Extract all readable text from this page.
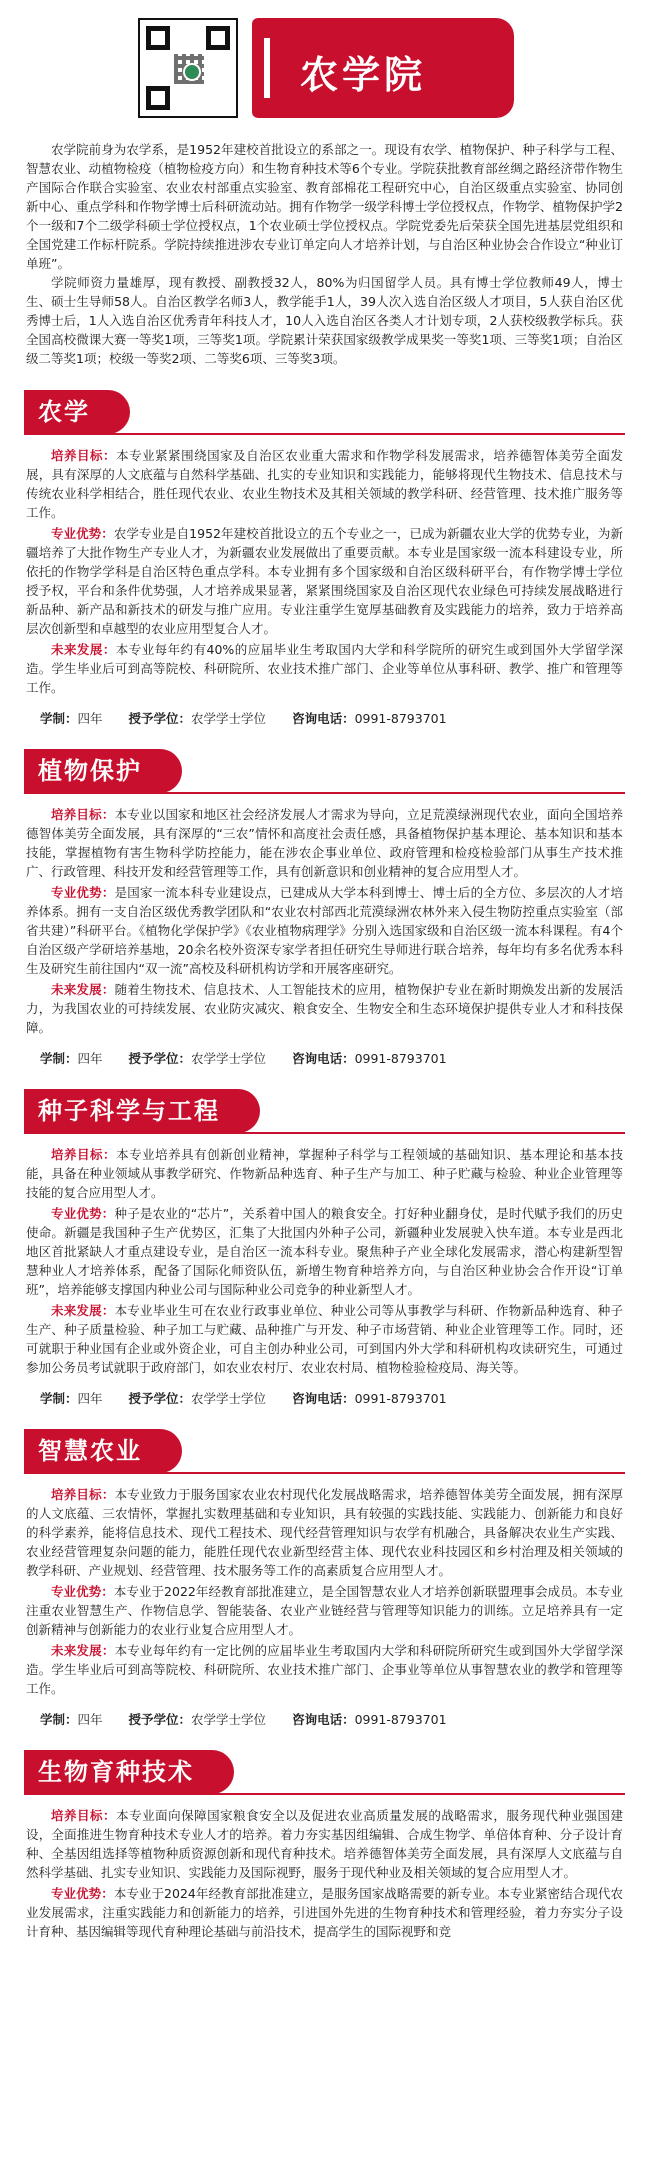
农学院

农学院前身为农学系，是1952年建校首批设立的系部之一。现设有农学、植物保护、种子科学与工程、智慧农业、动植物检疫（植物检疫方向）和生物育种技术等6个专业。学院获批教育部丝绸之路经济带作物生产国际合作联合实验室、农业农村部重点实验室、教育部棉花工程研究中心，自治区级重点实验室、协同创新中心、重点学科和作物学博士后科研流动站。拥有作物学一级学科博士学位授权点，作物学、植物保护学2个一级和7个二级学科硕士学位授权点，1个农业硕士学位授权点。学院党委先后荣获全国先进基层党组织和全国党建工作标杆院系。学院持续推进涉农专业订单定向人才培养计划，与自治区种业协会合作设立“种业订单班”。

学院师资力量雄厚，现有教授、副教授32人，80%为归国留学人员。具有博士学位教师49人，博士生、硕士生导师58人。自治区教学名师3人，教学能手1人，39人次入选自治区级人才项目，5人获自治区优秀博士后，1人入选自治区优秀青年科技人才，10人入选自治区各类人才计划专项，2人获校级教学标兵。获全国高校微课大赛一等奖1项，三等奖1项。学院累计荣获国家级教学成果奖一等奖1项、三等奖1项；自治区级二等奖1项；校级一等奖2项、二等奖6项、三等奖3项。

农学

培养目标：本专业紧紧围绕国家及自治区农业重大需求和作物学科发展需求，培养德智体美劳全面发展，具有深厚的人文底蕴与自然科学基础、扎实的专业知识和实践能力，能够将现代生物技术、信息技术与传统农业科学相结合，胜任现代农业、农业生物技术及其相关领域的教学科研、经营管理、技术推广服务等工作。

专业优势：农学专业是自1952年建校首批设立的五个专业之一，已成为新疆农业大学的优势专业，为新疆培养了大批作物生产专业人才，为新疆农业发展做出了重要贡献。本专业是国家级一流本科建设专业，所依托的作物学学科是自治区特色重点学科。本专业拥有多个国家级和自治区级科研平台，有作物学博士学位授予权，平台和条件优势强，人才培养成果显著，紧紧围绕国家及自治区现代农业绿色可持续发展战略进行新品种、新产品和新技术的研发与推广应用。专业注重学生宽厚基础教育及实践能力的培养，致力于培养高层次创新型和卓越型的农业应用型复合人才。

未来发展：本专业每年约有40%的应届毕业生考取国内大学和科学院所的研究生或到国外大学留学深造。学生毕业后可到高等院校、科研院所、农业技术推广部门、企业等单位从事科研、教学、推广和管理等工作。

学制：四年 授予学位：农学学士学位 咨询电话：0991-8793701
植物保护

培养目标：本专业以国家和地区社会经济发展人才需求为导向，立足荒漠绿洲现代农业，面向全国培养德智体美劳全面发展，具有深厚的“三农”情怀和高度社会责任感，具备植物保护基本理论、基本知识和基本技能，掌握植物有害生物科学防控能力，能在涉农企事业单位、政府管理和检疫检验部门从事生产技术推广、行政管理、科技开发和经营管理等工作，具有创新意识和创业精神的复合应用型人才。

专业优势：是国家一流本科专业建设点，已建成从大学本科到博士、博士后的全方位、多层次的人才培养体系。拥有一支自治区级优秀教学团队和“农业农村部西北荒漠绿洲农林外来入侵生物防控重点实验室（部省共建）”科研平台。《植物化学保护学》《农业植物病理学》分别入选国家级和自治区级一流本科课程。有4个自治区级产学研培养基地，20余名校外资深专家学者担任研究生导师进行联合培养，每年均有多名优秀本科生及研究生前往国内“双一流”高校及科研机构访学和开展客座研究。

未来发展：随着生物技术、信息技术、人工智能技术的应用，植物保护专业在新时期焕发出新的发展活力，为我国农业的可持续发展、农业防灾减灾、粮食安全、生物安全和生态环境保护提供专业人才和科技保障。

学制：四年 授予学位：农学学士学位 咨询电话：0991-8793701
种子科学与工程

培养目标：本专业培养具有创新创业精神，掌握种子科学与工程领域的基础知识、基本理论和基本技能，具备在种业领域从事教学研究、作物新品种选育、种子生产与加工、种子贮藏与检验、种业企业管理等技能的复合应用型人才。

专业优势：种子是农业的“芯片”，关系着中国人的粮食安全。打好种业翻身仗，是时代赋予我们的历史使命。新疆是我国种子生产优势区，汇集了大批国内外种子公司，新疆种业发展驶入快车道。本专业是西北地区首批紧缺人才重点建设专业，是自治区一流本科专业。聚焦种子产业全球化发展需求，潜心构建新型智慧种业人才培养体系，配备了国际化师资队伍，新增生物育种培养方向，与自治区种业协会合作开设“订单班”，培养能够支撑国内种业公司与国际种业公司竞争的种业新型人才。

未来发展：本专业毕业生可在农业行政事业单位、种业公司等从事教学与科研、作物新品种选育、种子生产、种子质量检验、种子加工与贮藏、品种推广与开发、种子市场营销、种业企业管理等工作。同时，还可就职于种业国有企业或外资企业，可自主创办种业公司，可到国内外大学和科研机构攻读研究生，可通过参加公务员考试就职于政府部门，如农业农村厅、农业农村局、植物检验检疫局、海关等。

学制：四年 授予学位：农学学士学位 咨询电话：0991-8793701
智慧农业

培养目标：本专业致力于服务国家农业农村现代化发展战略需求，培养德智体美劳全面发展，拥有深厚的人文底蕴、三农情怀，掌握扎实数理基础和专业知识，具有较强的实践技能、实践能力、创新能力和良好的科学素养，能将信息技术、现代工程技术、现代经营管理知识与农学有机融合，具备解决农业生产实践、农业经营管理复杂问题的能力，能胜任现代农业新型经营主体、现代农业科技园区和乡村治理及相关领域的教学科研、产业规划、经营管理、技术服务等工作的高素质复合应用型人才。

专业优势：本专业于2022年经教育部批准建立，是全国智慧农业人才培养创新联盟理事会成员。本专业注重农业智慧生产、作物信息学、智能装备、农业产业链经营与管理等知识能力的训练。立足培养具有一定创新精神与创新能力的农业行业复合应用型人才。

未来发展：本专业每年约有一定比例的应届毕业生考取国内大学和科研院所研究生或到国外大学留学深造。学生毕业后可到高等院校、科研院所、农业技术推广部门、企事业等单位从事智慧农业的教学和管理等工作。

学制：四年 授予学位：农学学士学位 咨询电话：0991-8793701
生物育种技术

培养目标：本专业面向保障国家粮食安全以及促进农业高质量发展的战略需求，服务现代种业强国建设，全面推进生物育种技术专业人才的培养。着力夯实基因组编辑、合成生物学、单倍体育种、分子设计育种、全基因组选择等植物种质资源创新和现代育种技术。培养德智体美劳全面发展，具有深厚人文底蕴与自然科学基础、扎实专业知识、实践能力及国际视野，服务于现代种业及相关领域的复合应用型人才。

专业优势：本专业于2024年经教育部批准建立，是服务国家战略需要的新专业。本专业紧密结合现代农业发展需求，注重实践能力和创新能力的培养，引进国外先进的生物育种技术和管理经验，着力夯实分子设计育种、基因编辑等现代育种理论基础与前沿技术，提高学生的国际视野和竞
